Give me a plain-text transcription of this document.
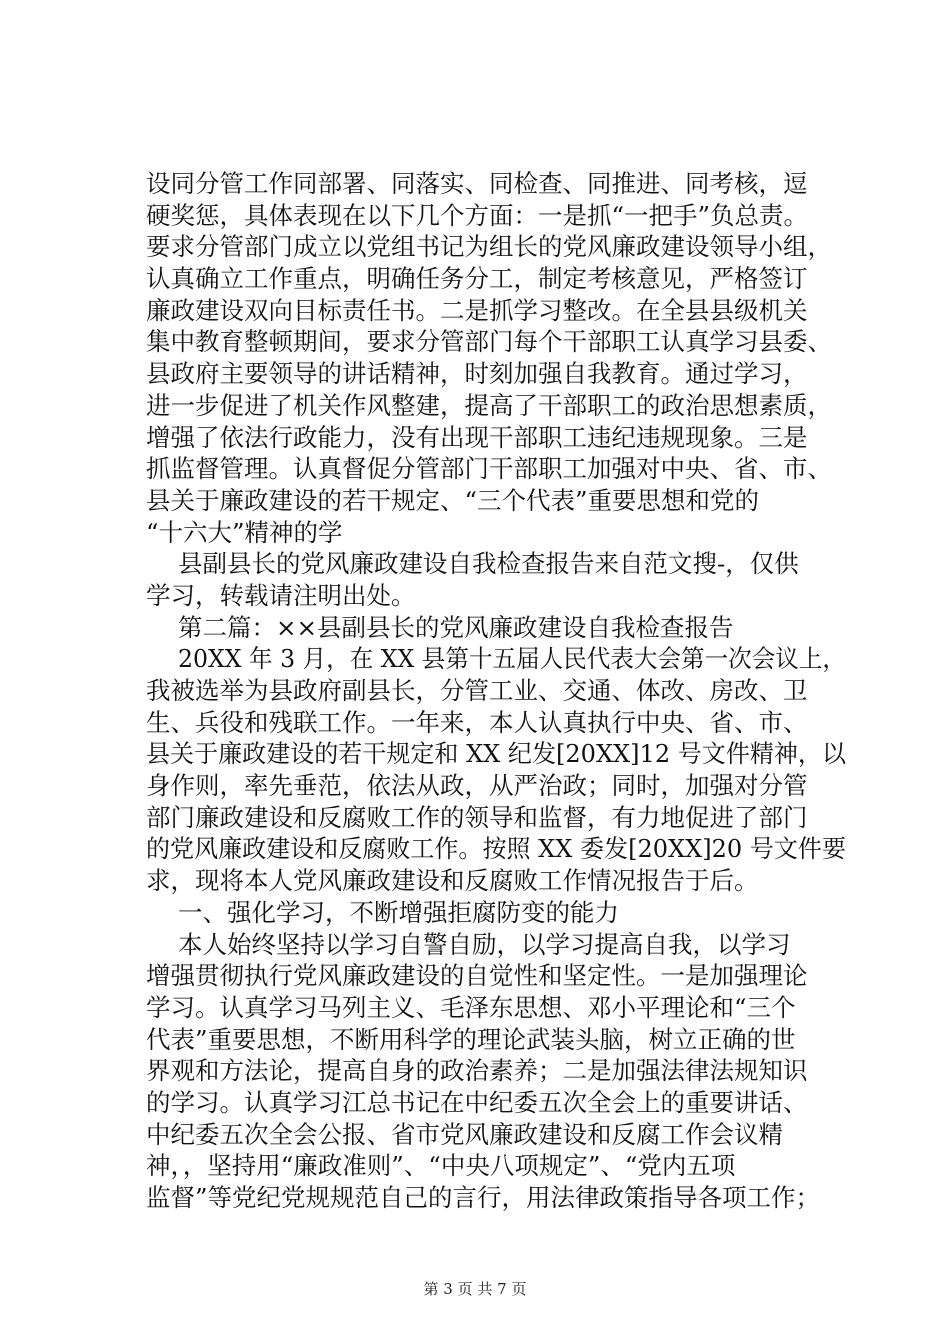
设同分管工作同部署、同落实、同检查、同推进、同考核，逗
硬奖惩，具体表现在以下几个方面：一是抓“一把手”负总责。
要求分管部门成立以党组书记为组长的党风廉政建设领导小组，
认真确立工作重点，明确任务分工，制定考核意见，严格签订
廉政建设双向目标责任书。二是抓学习整改。在全县县级机关
集中教育整顿期间，要求分管部门每个干部职工认真学习县委、
县政府主要领导的讲话精神，时刻加强自我教育。通过学习，
进一步促进了机关作风整建，提高了干部职工的政治思想素质，
增强了依法行政能力，没有出现干部职工违纪违规现象。三是
抓监督管理。认真督促分管部门干部职工加强对中央、省、市、
县关于廉政建设的若干规定、“三个代表”重要思想和党的
“十六大”精神的学
县副县长的党风廉政建设自我检查报告来自范文搜-，仅供
学习，转载请注明出处。
第二篇：××县副县长的党风廉政建设自我检查报告
20XX 年 3 月，在 XX 县第十五届人民代表大会第一次会议上，
我被选举为县政府副县长，分管工业、交通、体改、房改、卫
生、兵役和残联工作。一年来，本人认真执行中央、省、市、
县关于廉政建设的若干规定和 XX 纪发[20XX]12 号文件精神，以
身作则，率先垂范，依法从政，从严治政；同时，加强对分管
部门廉政建设和反腐败工作的领导和监督，有力地促进了部门
的党风廉政建设和反腐败工作。按照 XX 委发[20XX]20 号文件要
求，现将本人党风廉政建设和反腐败工作情况报告于后。
一、强化学习，不断增强拒腐防变的能力
本人始终坚持以学习自警自励，以学习提高自我，以学习
增强贯彻执行党风廉政建设的自觉性和坚定性。一是加强理论
学习。认真学习马列主义、毛泽东思想、邓小平理论和“三个
代表”重要思想，不断用科学的理论武装头脑，树立正确的世
界观和方法论，提高自身的政治素养；二是加强法律法规知识
的学习。认真学习江总书记在中纪委五次全会上的重要讲话、
中纪委五次全会公报、省市党风廉政建设和反腐工作会议精
神，，坚持用“廉政准则”、“中央八项规定”、“党内五项
监督”等党纪党规规范自己的言行，用法律政策指导各项工作；
第 3 页 共 7 页
